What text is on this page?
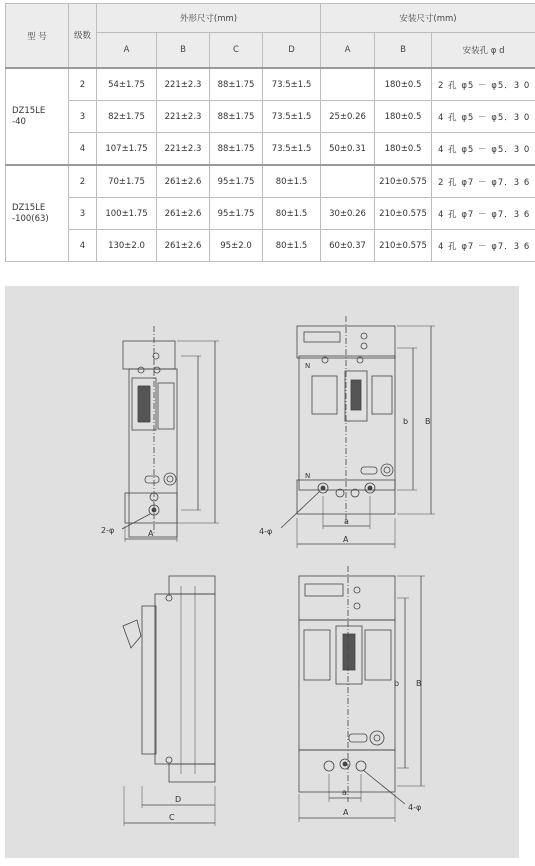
型 号	级数	外形尺寸(mm)				安装尺寸(mm)		
		A	B	C	D	A	B	安装孔 φ d
DZ15LE
-40	2	54±1.75	221±2.3	88±1.75	73.5±1.5		180±0.5	2 孔 φ5 － φ5．3 0
	3	82±1.75	221±2.3	88±1.75	73.5±1.5	25±0.26	180±0.5	4 孔 φ5 － φ5．3 0
	4	107±1.75	221±2.3	88±1.75	73.5±1.5	50±0.31	180±0.5	4 孔 φ5 － φ5．3 0
DZ15LE
-100(63)	2	70±1.75	261±2.6	95±1.75	80±1.5		210±0.575	2 孔 φ7 － φ7．3 6
	3	100±1.75	261±2.6	95±1.75	80±1.5	30±0.26	210±0.575	4 孔 φ7 － φ7．3 6
	4	130±2.0	261±2.6	95±2.0	80±1.5	60±0.37	210±0.575	4 孔 φ7 － φ7．3 6
2-φ	A
N
N
B
b
a
A
4-φ
D
C
B
b
a
A
4-φ
